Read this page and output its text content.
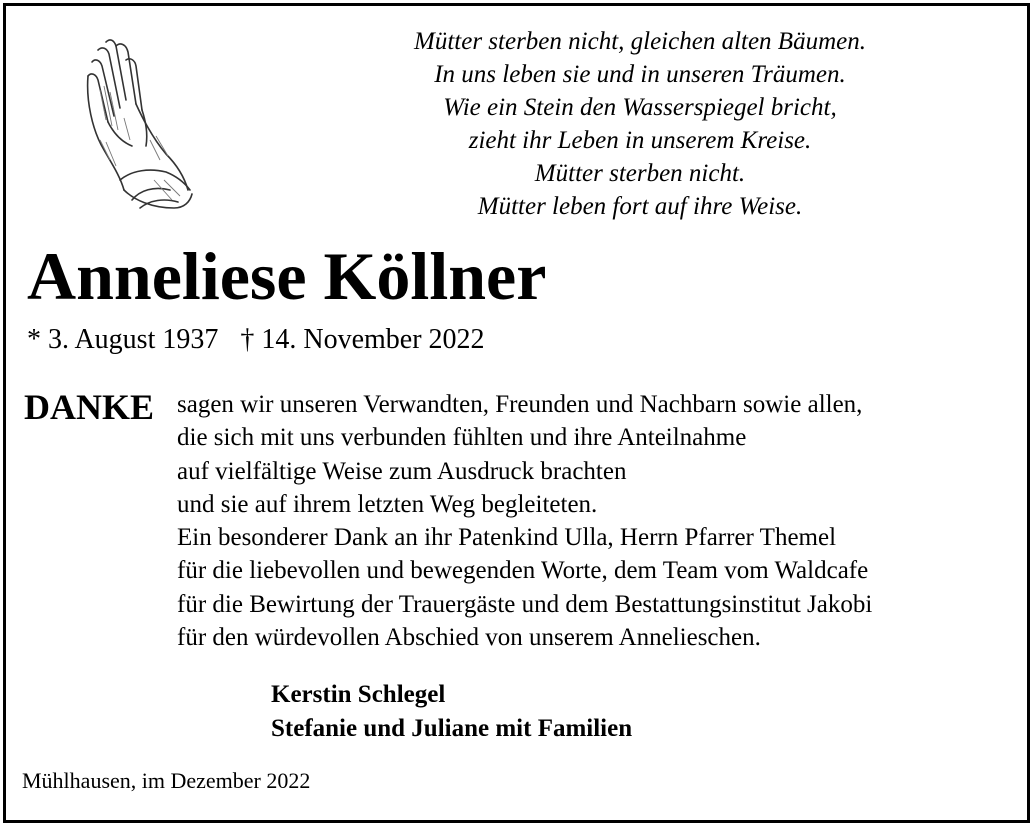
Mütter sterben nicht, gleichen alten Bäumen.
In uns leben sie und in unseren Träumen.
Wie ein Stein den Wasserspiegel bricht,
zieht ihr Leben in unserem Kreise.
Mütter sterben nicht.
Mütter leben fort auf ihre Weise.
Anneliese Köllner
* 3. August 1937 † 14. November 2022
DANKE sagen wir unseren Verwandten, Freunden und Nachbarn sowie allen,
die sich mit uns verbunden fühlten und ihre Anteilnahme
auf vielfältige Weise zum Ausdruck brachten
und sie auf ihrem letzten Weg begleiteten.
Ein besonderer Dank an ihr Patenkind Ulla, Herrn Pfarrer Themel
für die liebevollen und bewegenden Worte, dem Team vom Waldcafe
für die Bewirtung der Trauergäste und dem Bestattungsinstitut Jakobi
für den würdevollen Abschied von unserem Annelieschen.
Kerstin Schlegel
Stefanie und Juliane mit Familien
Mühlhausen, im Dezember 2022
